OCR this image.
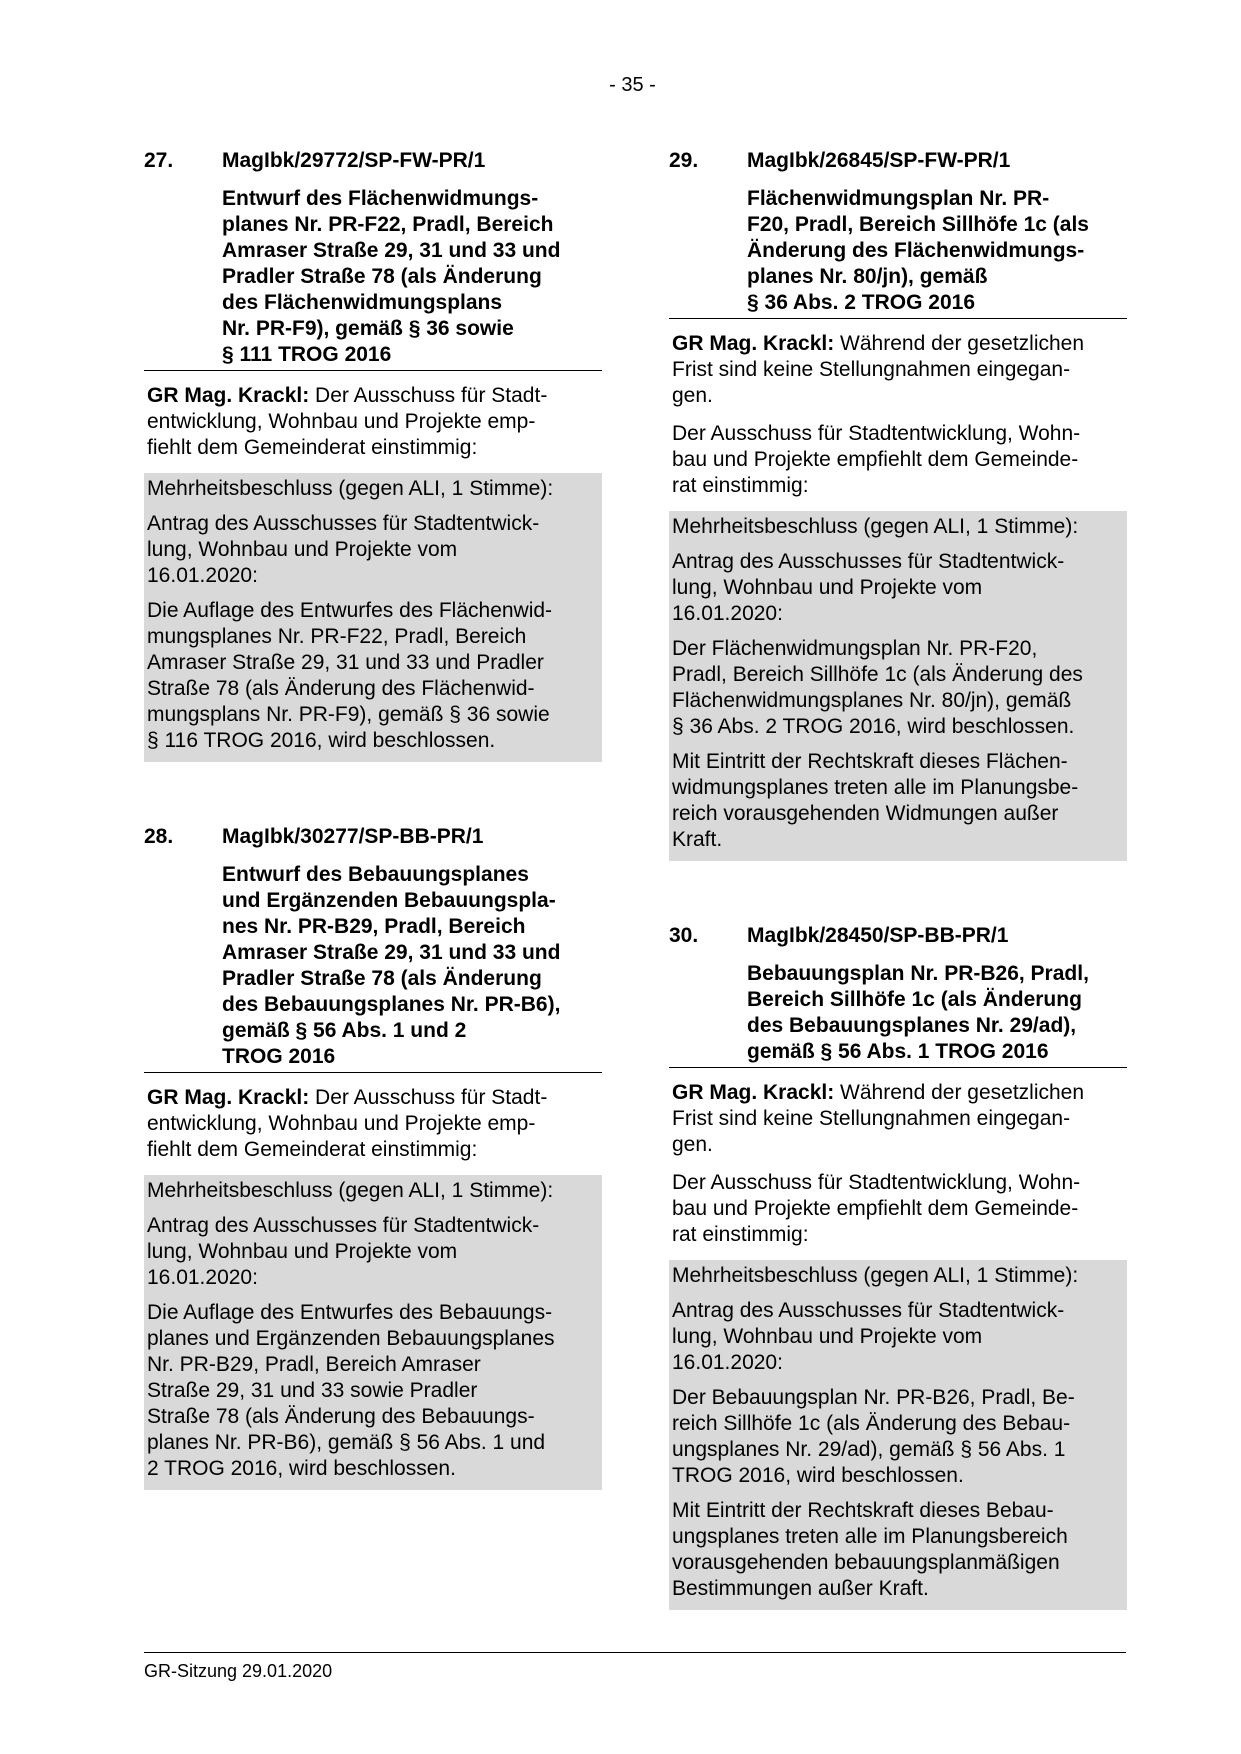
- 35 -
27.	MagIbk/29772/SP-FW-PR/1
Entwurf des Flächenwidmungs-
planes Nr. PR-F22, Pradl, Bereich
Amraser Straße 29, 31 und 33 und
Pradler Straße 78 (als Änderung
des Flächenwidmungsplans
Nr. PR-F9), gemäß § 36 sowie
§ 111 TROG 2016

GR Mag. Krackl: Der Ausschuss für Stadt-
entwicklung, Wohnbau und Projekte emp-
fiehlt dem Gemeinderat einstimmig:

Mehrheitsbeschluss (gegen ALI, 1 Stimme):

Antrag des Ausschusses für Stadtentwick-
lung, Wohnbau und Projekte vom
16.01.2020:

Die Auflage des Entwurfes des Flächenwid-
mungsplanes Nr. PR-F22, Pradl, Bereich
Amraser Straße 29, 31 und 33 und Pradler
Straße 78 (als Änderung des Flächenwid-
mungsplans Nr. PR-F9), gemäß § 36 sowie
§ 116 TROG 2016, wird beschlossen.

28.	MagIbk/30277/SP-BB-PR/1
Entwurf des Bebauungsplanes
und Ergänzenden Bebauungspla-
nes Nr. PR-B29, Pradl, Bereich
Amraser Straße 29, 31 und 33 und
Pradler Straße 78 (als Änderung
des Bebauungsplanes Nr. PR-B6),
gemäß § 56 Abs. 1 und 2
TROG 2016

GR Mag. Krackl: Der Ausschuss für Stadt-
entwicklung, Wohnbau und Projekte emp-
fiehlt dem Gemeinderat einstimmig:

Mehrheitsbeschluss (gegen ALI, 1 Stimme):

Antrag des Ausschusses für Stadtentwick-
lung, Wohnbau und Projekte vom
16.01.2020:

Die Auflage des Entwurfes des Bebauungs-
planes und Ergänzenden Bebauungsplanes
Nr. PR-B29, Pradl, Bereich Amraser
Straße 29, 31 und 33 sowie Pradler
Straße 78 (als Änderung des Bebauungs-
planes Nr. PR-B6), gemäß § 56 Abs. 1 und
2 TROG 2016, wird beschlossen.

29.	MagIbk/26845/SP-FW-PR/1
Flächenwidmungsplan Nr. PR-
F20, Pradl, Bereich Sillhöfe 1c (als
Änderung des Flächenwidmungs-
planes Nr. 80/jn), gemäß
§ 36 Abs. 2 TROG 2016

GR Mag. Krackl: Während der gesetzlichen
Frist sind keine Stellungnahmen eingegan-
gen.

Der Ausschuss für Stadtentwicklung, Wohn-
bau und Projekte empfiehlt dem Gemeinde-
rat einstimmig:

Mehrheitsbeschluss (gegen ALI, 1 Stimme):

Antrag des Ausschusses für Stadtentwick-
lung, Wohnbau und Projekte vom
16.01.2020:

Der Flächenwidmungsplan Nr. PR-F20,
Pradl, Bereich Sillhöfe 1c (als Änderung des
Flächenwidmungsplanes Nr. 80/jn), gemäß
§ 36 Abs. 2 TROG 2016, wird beschlossen.

Mit Eintritt der Rechtskraft dieses Flächen-
widmungsplanes treten alle im Planungsbe-
reich vorausgehenden Widmungen außer
Kraft.

30.	MagIbk/28450/SP-BB-PR/1
Bebauungsplan Nr. PR-B26, Pradl,
Bereich Sillhöfe 1c (als Änderung
des Bebauungsplanes Nr. 29/ad),
gemäß § 56 Abs. 1 TROG 2016

GR Mag. Krackl: Während der gesetzlichen
Frist sind keine Stellungnahmen eingegan-
gen.

Der Ausschuss für Stadtentwicklung, Wohn-
bau und Projekte empfiehlt dem Gemeinde-
rat einstimmig:

Mehrheitsbeschluss (gegen ALI, 1 Stimme):

Antrag des Ausschusses für Stadtentwick-
lung, Wohnbau und Projekte vom
16.01.2020:

Der Bebauungsplan Nr. PR-B26, Pradl, Be-
reich Sillhöfe 1c (als Änderung des Bebau-
ungsplanes Nr. 29/ad), gemäß § 56 Abs. 1
TROG 2016, wird beschlossen.

Mit Eintritt der Rechtskraft dieses Bebau-
ungsplanes treten alle im Planungsbereich
vorausgehenden bebauungsplanmäßigen
Bestimmungen außer Kraft.

GR-Sitzung 29.01.2020
